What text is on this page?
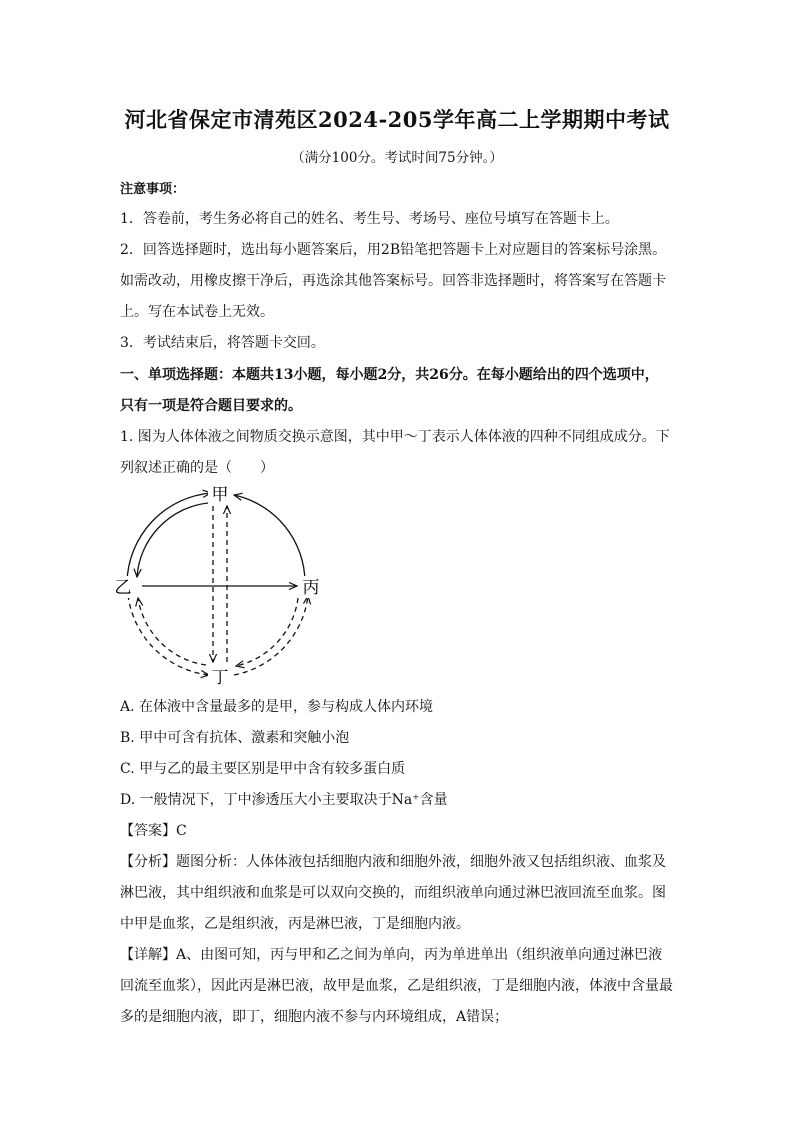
河北省保定市清苑区2024-205学年高二上学期期中考试
（满分100分。考试时间75分钟。）
注意事项：
1．答卷前，考生务必将自己的姓名、考生号、考场号、座位号填写在答题卡上。
2．回答选择题时，选出每小题答案后，用2B铅笔把答题卡上对应题目的答案标号涂黑。
如需改动，用橡皮擦干净后，再选涂其他答案标号。回答非选择题时，将答案写在答题卡
上。写在本试卷上无效。
3．考试结束后，将答题卡交回。
一、单项选择题：本题共13小题，每小题2分，共26分。在每小题给出的四个选项中，
只有一项是符合题目要求的。
1. 图为人体体液之间物质交换示意图，其中甲～丁表示人体体液的四种不同组成成分。下
列叙述正确的是（　　）
甲
乙	丙
丁
A. 在体液中含量最多的是甲，参与构成人体内环境
B. 甲中可含有抗体、激素和突触小泡
C. 甲与乙的最主要区别是甲中含有较多蛋白质
D. 一般情况下，丁中渗透压大小主要取决于Na⁺含量
【答案】C
【分析】题图分析：人体体液包括细胞内液和细胞外液，细胞外液又包括组织液、血浆及
淋巴液，其中组织液和血浆是可以双向交换的，而组织液单向通过淋巴液回流至血浆。图
中甲是血浆，乙是组织液，丙是淋巴液，丁是细胞内液。
【详解】A、由图可知，丙与甲和乙之间为单向，丙为单进单出（组织液单向通过淋巴液
回流至血浆），因此丙是淋巴液，故甲是血浆，乙是组织液，丁是细胞内液，体液中含量最
多的是细胞内液，即丁，细胞内液不参与内环境组成，A错误；
